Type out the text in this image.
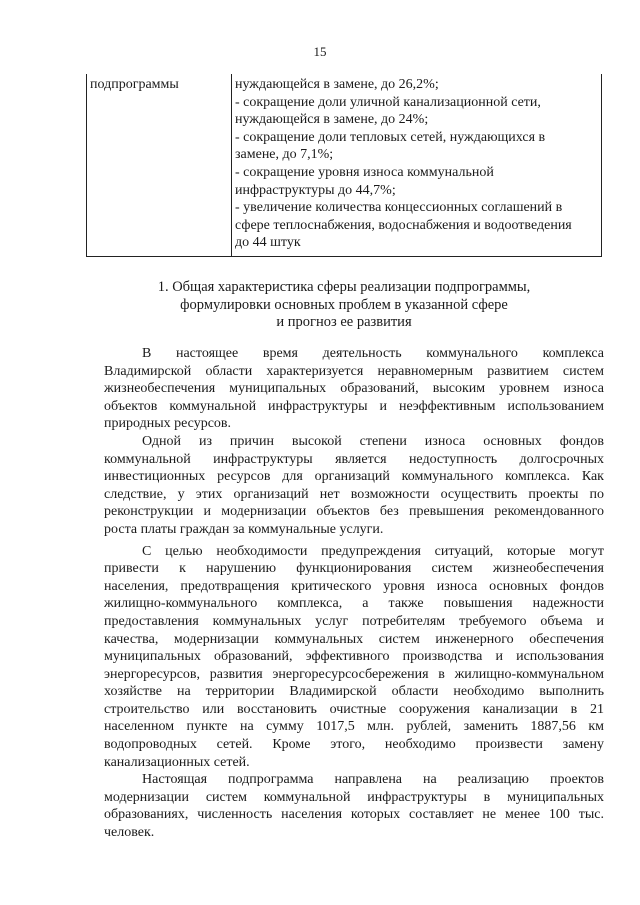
15
подпрограммы	нуждающейся в замене, до 26,2%;
- сокращение доли уличной канализационной сети,
нуждающейся в замене, до 24%;
- сокращение доли тепловых сетей, нуждающихся в
замене, до 7,1%;
- сокращение уровня износа коммунальной
инфраструктуры до 44,7%;
- увеличение количества концессионных соглашений в
сфере теплоснабжения, водоснабжения и водоотведения
до 44 штук
1. Общая характеристика сферы реализации подпрограммы,
формулировки основных проблем в указанной сфере
и прогноз ее развития

В настоящее время деятельность коммунального комплекса

Владимирской области характеризуется неравномерным развитием систем

жизнеобеспечения муниципальных образований, высоким уровнем износа

объектов коммунальной инфраструктуры и неэффективным использованием

природных ресурсов.

Одной из причин высокой степени износа основных фондов

коммунальной инфраструктуры является недоступность долгосрочных

инвестиционных ресурсов для организаций коммунального комплекса. Как

следствие, у этих организаций нет возможности осуществить проекты по

реконструкции и модернизации объектов без превышения рекомендованного

роста платы граждан за коммунальные услуги.

С целью необходимости предупреждения ситуаций, которые могут

привести к нарушению функционирования систем жизнеобеспечения

населения, предотвращения критического уровня износа основных фондов

жилищно-коммунального комплекса, а также повышения надежности

предоставления коммунальных услуг потребителям требуемого объема и

качества, модернизации коммунальных систем инженерного обеспечения

муниципальных образований, эффективного производства и использования

энергоресурсов, развития энергоресурсосбережения в жилищно-коммунальном

хозяйстве на территории Владимирской области необходимо выполнить

строительство или восстановить очистные сооружения канализации в 21

населенном пункте на сумму 1017,5 млн. рублей, заменить 1887,56 км

водопроводных сетей. Кроме этого, необходимо произвести замену

канализационных сетей.

Настоящая подпрограмма направлена на реализацию проектов

модернизации систем коммунальной инфраструктуры в муниципальных

образованиях, численность населения которых составляет не менее 100 тыс.

человек.
